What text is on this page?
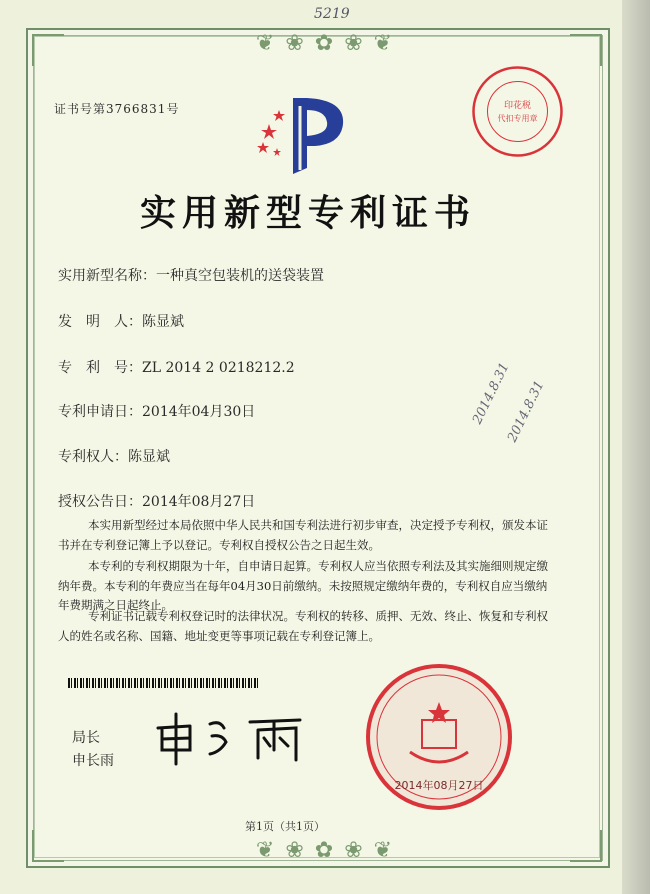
❦ ❀ ✿ ❀ ❦
❦ ❀ ✿ ❀ ❦
5219
证书号第3766831号	印花税
代扣专用章
实用新型专利证书
实用新型名称：一种真空包装机的送袋装置
发　明　人：陈显斌
专　利　号：ZL 2014 2 0218212.2
专利申请日：2014年04月30日
专利权人：陈显斌
授权公告日：2014年08月27日
2014.8.31
2014.8.31
本实用新型经过本局依照中华人民共和国专利法进行初步审查，决定授予专利权，颁发本证书并在专利登记簿上予以登记。专利权自授权公告之日起生效。
本专利的专利权期限为十年，自申请日起算。专利权人应当依照专利法及其实施细则规定缴纳年费。本专利的年费应当在每年04月30日前缴纳。未按照规定缴纳年费的，专利权自应当缴纳年费期满之日起终止。
专利证书记载专利权登记时的法律状况。专利权的转移、质押、无效、终止、恢复和专利权人的姓名或名称、国籍、地址变更等事项记载在专利登记簿上。
局长
申长雨
2014年08月27日
第1页（共1页）
